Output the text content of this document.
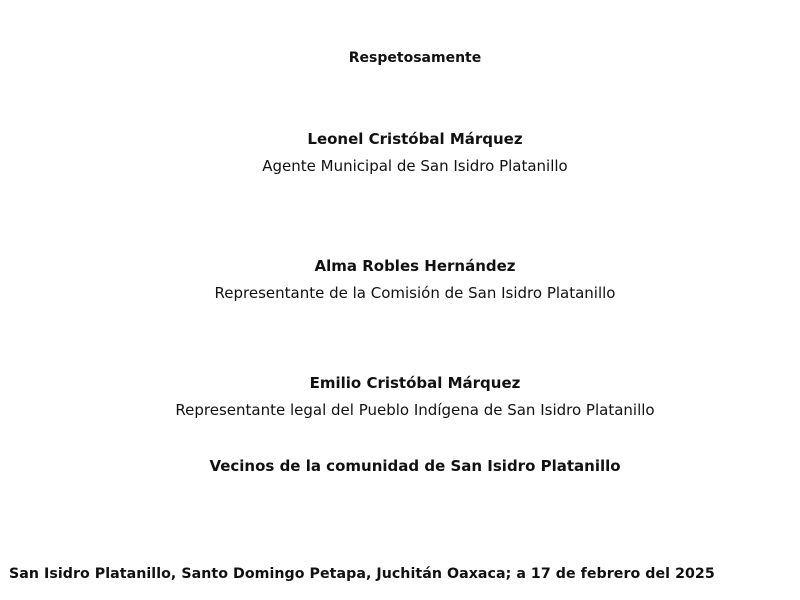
Respetosamente
Leonel Cristóbal Márquez
Agente Municipal de San Isidro Platanillo
Alma Robles Hernández
Representante de la Comisión de San Isidro Platanillo
Emilio Cristóbal Márquez
Representante legal del Pueblo Indígena de San Isidro Platanillo
Vecinos de la comunidad de San Isidro Platanillo
San Isidro Platanillo, Santo Domingo Petapa, Juchitán Oaxaca; a 17 de febrero del 2025
